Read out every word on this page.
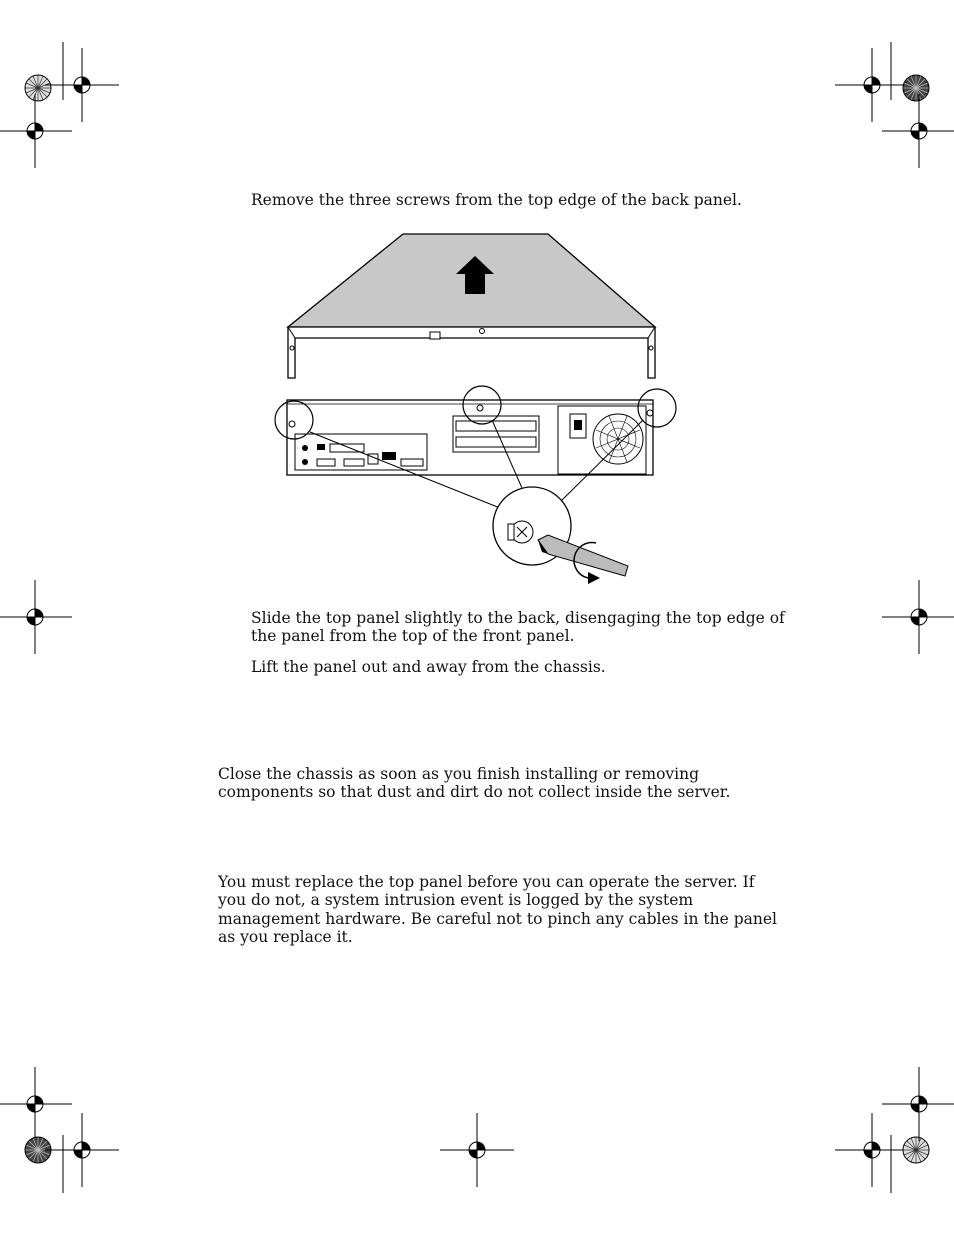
Remove the three screws from the top edge of the back panel.

Slide the top panel slightly to the back, disengaging the top edge of the panel from the top of the front panel.

Lift the panel out and away from the chassis.

Close the chassis as soon as you finish installing or removing components so that dust and dirt do not collect inside the server.

You must replace the top panel before you can operate the server. If you do not, a system intrusion event is logged by the system management hardware. Be careful not to pinch any cables in the panel as you replace it.
